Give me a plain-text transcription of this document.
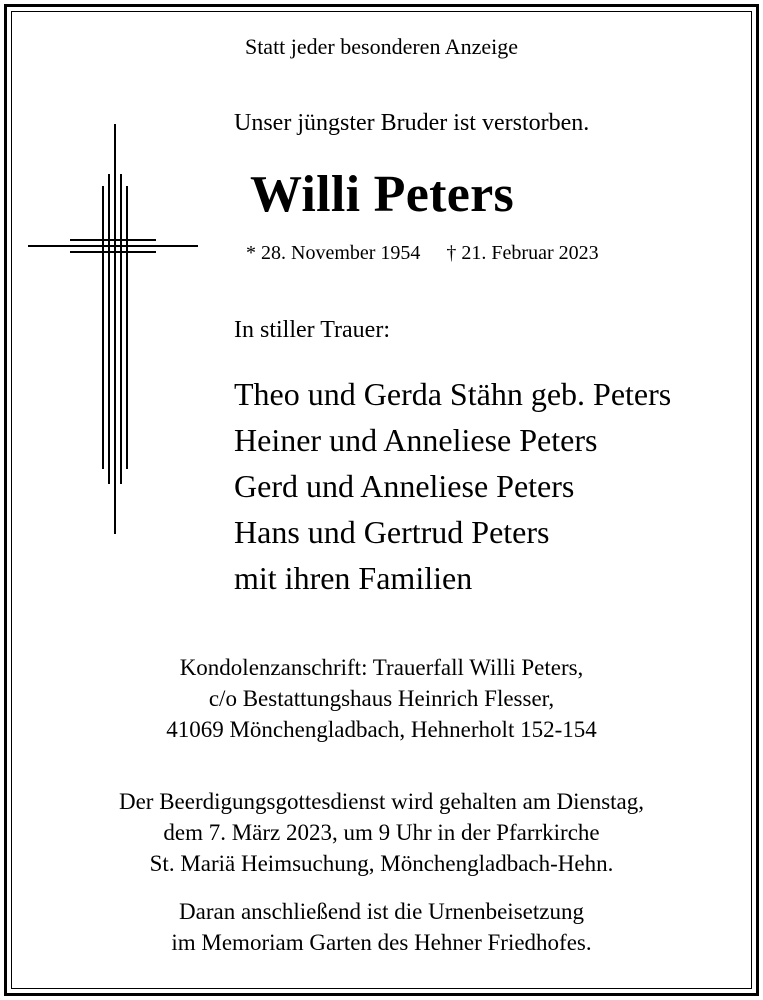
Statt jeder besonderen Anzeige
Unser jüngster Bruder ist verstorben.
Willi Peters
* 28. November 1954 † 21. Februar 2023
In stiller Trauer:
Theo und Gerda Stähn geb. Peters
Heiner und Anneliese Peters
Gerd und Anneliese Peters
Hans und Gertrud Peters
mit ihren Familien
Kondolenzanschrift: Trauerfall Willi Peters,
c/o Bestattungshaus Heinrich Flesser,
41069 Mönchengladbach, Hehnerholt 152-154
Der Beerdigungsgottesdienst wird gehalten am Dienstag,
dem 7. März 2023, um 9 Uhr in der Pfarrkirche
St. Mariä Heimsuchung, Mönchengladbach-Hehn.
Daran anschließend ist die Urnenbeisetzung
im Memoriam Garten des Hehner Friedhofes.
